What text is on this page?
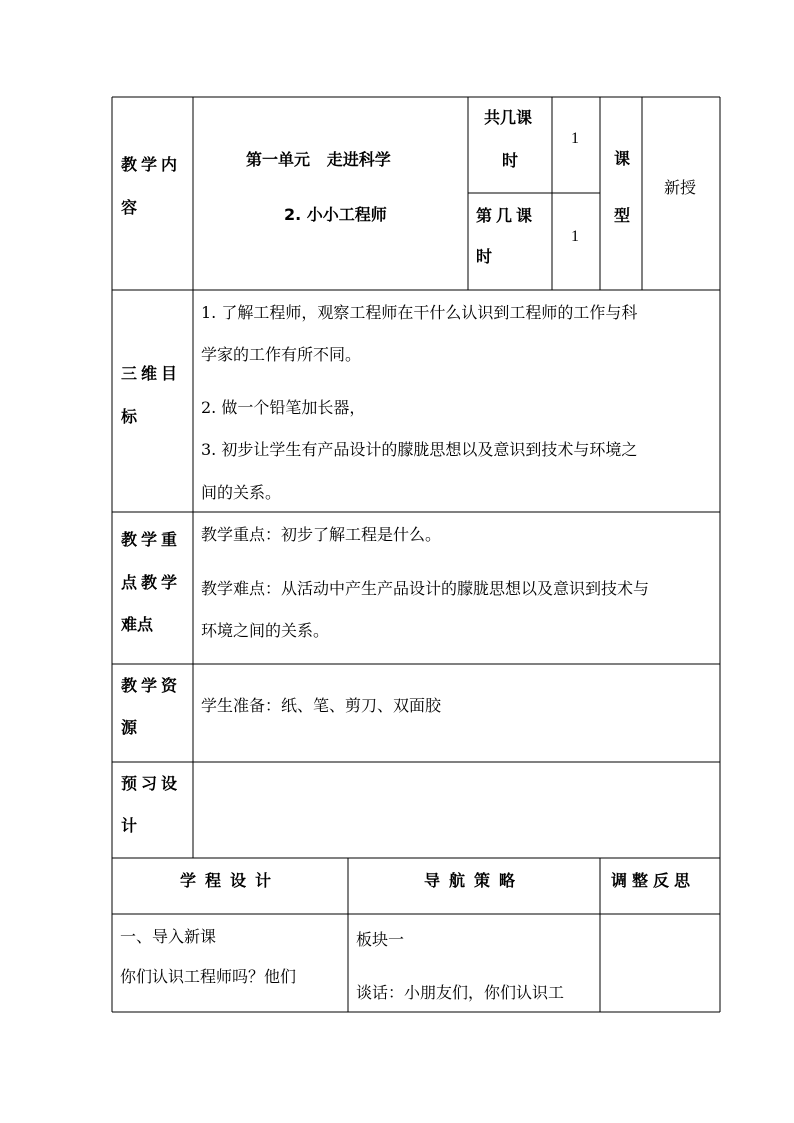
教学内
容
第一单元   走进科学
2. 小小工程师
共几课
时
1
第几课
时
1
课
型
新授
三维目
标
1. 了解工程师，观察工程师在干什么认识到工程师的工作与科
学家的工作有所不同。
2. 做一个铅笔加长器，
3. 初步让学生有产品设计的朦胧思想以及意识到技术与环境之
间的关系。
教学重
点教学
难点
教学重点：初步了解工程是什么。
教学难点：从活动中产生产品设计的朦胧思想以及意识到技术与
环境之间的关系。
教学资
源
学生准备：纸、笔、剪刀、双面胶
预习设
计
学程设计	导航策略	调整反思
一、导入新课
你们认识工程师吗？他们
板块一
谈话：小朋友们，你们认识工
